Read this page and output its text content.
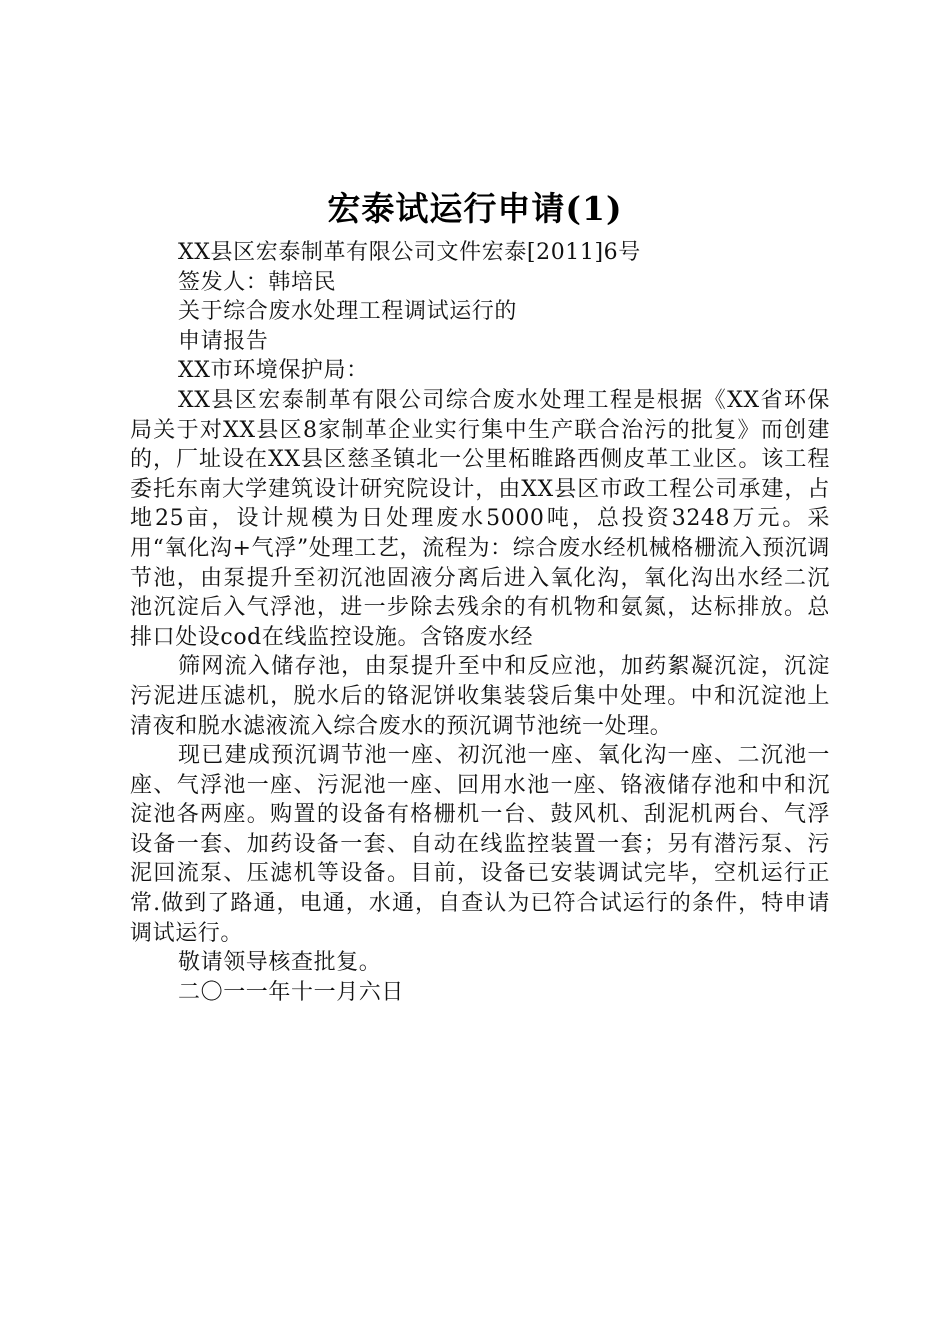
宏泰试运行申请(1)

XX县区宏泰制革有限公司文件宏泰[2011]6号

签发人：韩培民

关于综合废水处理工程调试运行的

申请报告

XX市环境保护局：

XX县区宏泰制革有限公司综合废水处理工程是根据《XX省环保局关于对XX县区8家制革企业实行集中生产联合治污的批复》而创建的，厂址设在XX县区慈圣镇北一公里柘睢路西侧皮革工业区。该工程委托东南大学建筑设计研究院设计，由XX县区市政工程公司承建，占地25亩，设计规模为日处理废水5000吨，总投资3248万元。采用“氧化沟+气浮”处理工艺，流程为：综合废水经机械格栅流入预沉调节池，由泵提升至初沉池固液分离后进入氧化沟，氧化沟出水经二沉池沉淀后入气浮池，进一步除去残余的有机物和氨氮，达标排放。总排口处设cod在线监控设施。含铬废水经

筛网流入储存池，由泵提升至中和反应池，加药絮凝沉淀，沉淀污泥进压滤机，脱水后的铬泥饼收集装袋后集中处理。中和沉淀池上清夜和脱水滤液流入综合废水的预沉调节池统一处理。

现已建成预沉调节池一座、初沉池一座、氧化沟一座、二沉池一座、气浮池一座、污泥池一座、回用水池一座、铬液储存池和中和沉淀池各两座。购置的设备有格栅机一台、鼓风机、刮泥机两台、气浮设备一套、加药设备一套、自动在线监控装置一套；另有潜污泵、污泥回流泵、压滤机等设备。目前，设备已安装调试完毕，空机运行正常.做到了路通，电通，水通，自查认为已符合试运行的条件，特申请调试运行。

敬请领导核查批复。

二〇一一年十一月六日
